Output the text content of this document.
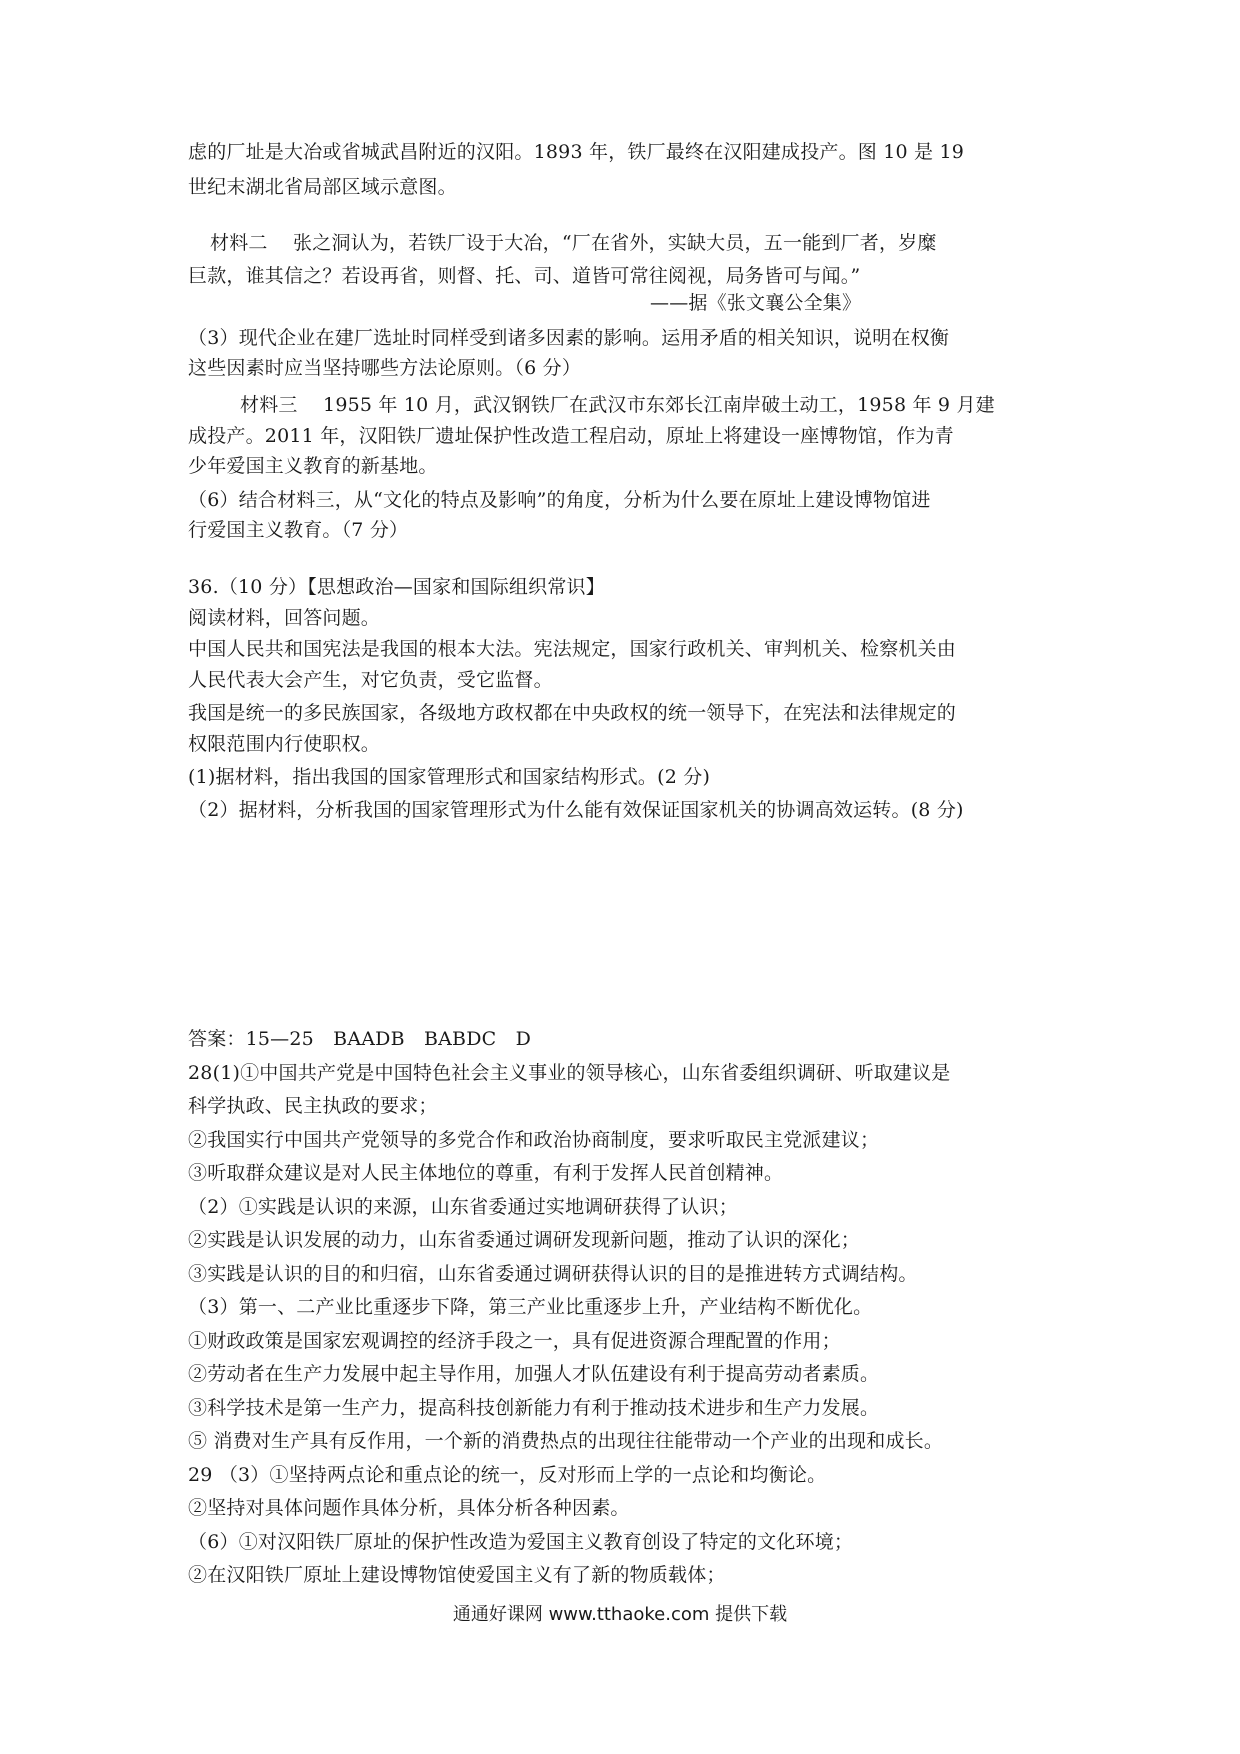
虑的厂址是大冶或省城武昌附近的汉阳。1893 年，铁厂最终在汉阳建成投产。图 10 是 19
世纪末湖北省局部区域示意图。
材料二　 张之洞认为，若铁厂设于大冶，“厂在省外，实缺大员，五一能到厂者，岁糜
巨款，谁其信之？若设再省，则督、托、司、道皆可常往阅视，局务皆可与闻。”
——据《张文襄公全集》
（3）现代企业在建厂选址时同样受到诸多因素的影响。运用矛盾的相关知识，说明在权衡
这些因素时应当坚持哪些方法论原则。（6 分）
材料三　 1955 年 10 月，武汉钢铁厂在武汉市东郊长江南岸破土动工，1958 年 9 月建
成投产。2011 年，汉阳铁厂遗址保护性改造工程启动，原址上将建设一座博物馆，作为青
少年爱国主义教育的新基地。
（6）结合材料三，从“文化的特点及影响”的角度，分析为什么要在原址上建设博物馆进
行爱国主义教育。（7 分）
36.（10 分）【思想政治—国家和国际组织常识】
阅读材料，回答问题。
中国人民共和国宪法是我国的根本大法。宪法规定，国家行政机关、审判机关、检察机关由
人民代表大会产生，对它负责，受它监督。
我国是统一的多民族国家，各级地方政权都在中央政权的统一领导下，在宪法和法律规定的
权限范围内行使职权。
(1)据材料，指出我国的国家管理形式和国家结构形式。(2 分)
（2）据材料，分析我国的国家管理形式为什么能有效保证国家机关的协调高效运转。(8 分)
答案：15—25　BAADB　BABDC　D
28(1)①中国共产党是中国特色社会主义事业的领导核心，山东省委组织调研、听取建议是
科学执政、民主执政的要求；
②我国实行中国共产党领导的多党合作和政治协商制度，要求听取民主党派建议；
③听取群众建议是对人民主体地位的尊重，有利于发挥人民首创精神。
（2）①实践是认识的来源，山东省委通过实地调研获得了认识；
②实践是认识发展的动力，山东省委通过调研发现新问题，推动了认识的深化；
③实践是认识的目的和归宿，山东省委通过调研获得认识的目的是推进转方式调结构。
（3）第一、二产业比重逐步下降，第三产业比重逐步上升，产业结构不断优化。
①财政政策是国家宏观调控的经济手段之一，具有促进资源合理配置的作用；
②劳动者在生产力发展中起主导作用，加强人才队伍建设有利于提高劳动者素质。
③科学技术是第一生产力，提高科技创新能力有利于推动技术进步和生产力发展。
⑤ 消费对生产具有反作用，一个新的消费热点的出现往往能带动一个产业的出现和成长。
29 （3）①坚持两点论和重点论的统一，反对形而上学的一点论和均衡论。
②坚持对具体问题作具体分析，具体分析各种因素。
（6）①对汉阳铁厂原址的保护性改造为爱国主义教育创设了特定的文化环境；
②在汉阳铁厂原址上建设博物馆使爱国主义有了新的物质载体；
通通好课网 www.tthaoke.com 提供下载
